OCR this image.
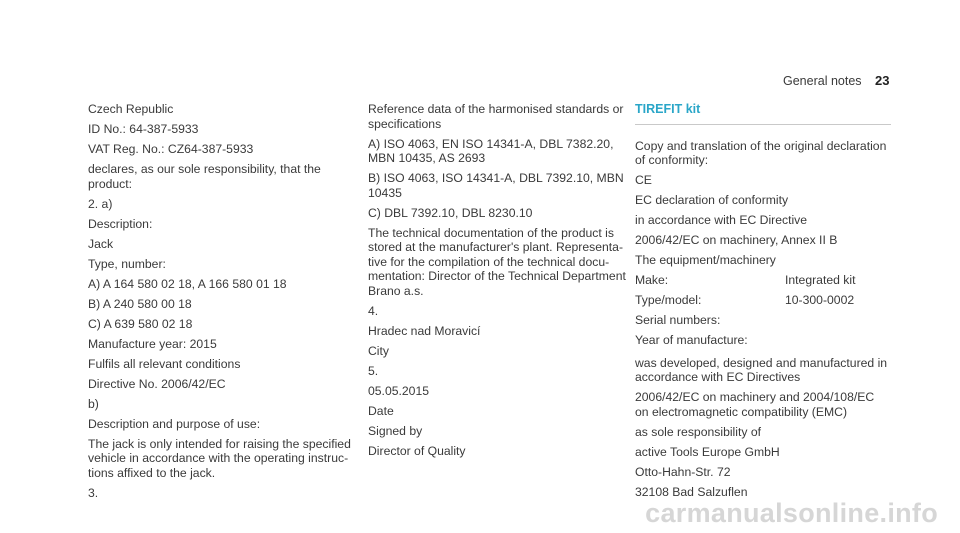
General notes 23

Czech Republic

ID No.: 64-387-5933

VAT Reg. No.: CZ64-387-5933

declares, as our sole responsibility, that the
product:

2. a)

Description:

Jack

Type, number:

A) A 164 580 02 18, A 166 580 01 18

B) A 240 580 00 18

C) A 639 580 02 18

Manufacture year: 2015

Fulfils all relevant conditions

Directive No. 2006/42/EC

b)

Description and purpose of use:

The jack is only intended for raising the specified
vehicle in accordance with the operating instruc-
tions affixed to the jack.

3.

Reference data of the harmonised standards or
specifications

A) ISO 4063, EN ISO 14341-A, DBL 7382.20,
MBN 10435, AS 2693

B) ISO 4063, ISO 14341-A, DBL 7392.10, MBN
10435

C) DBL 7392.10, DBL 8230.10

The technical documentation of the product is
stored at the manufacturer's plant. Representa-
tive for the compilation of the technical docu-
mentation: Director of the Technical Department
Brano a.s.

4.

Hradec nad Moravicí

City

5.

05.05.2015

Date

Signed by

Director of Quality

TIREFIT kit

Copy and translation of the original declaration
of conformity:

CE

EC declaration of conformity

in accordance with EC Directive

2006/42/EC on machinery, Annex II B

The equipment/machinery

Make:	Integrated kit
Type/model:	10-300-0002

Serial numbers:

Year of manufacture:

was developed, designed and manufactured in
accordance with EC Directives

2006/42/EC on machinery and 2004/108/EC
on electromagnetic compatibility (EMC)

as sole responsibility of

active Tools Europe GmbH

Otto-Hahn-Str. 72

32108 Bad Salzuflen

carmanualsonline.info
